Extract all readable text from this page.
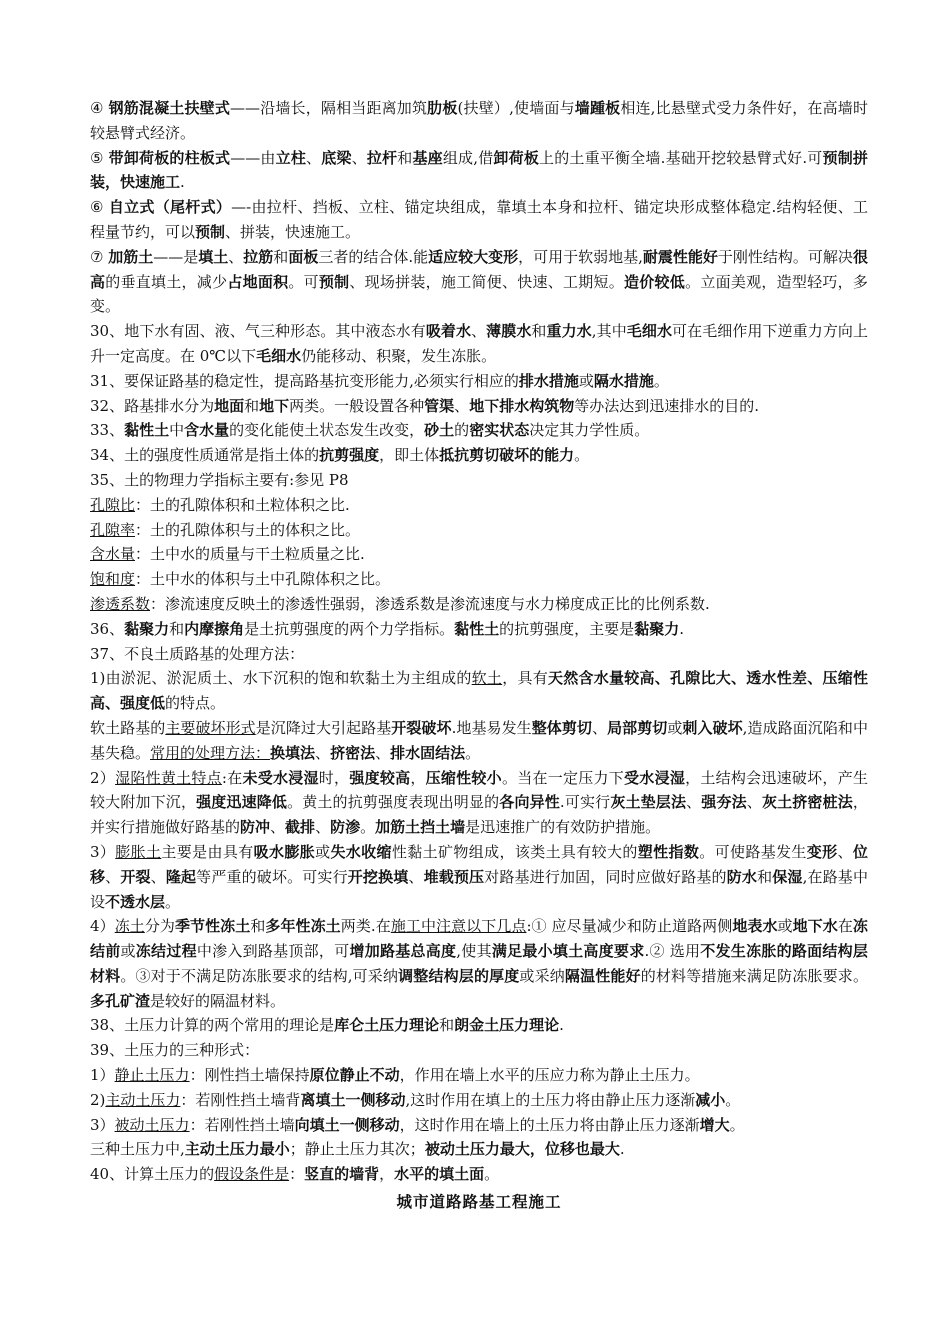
④ 钢筋混凝土扶壁式——沿墙长，隔相当距离加筑肋板(扶壁）,使墙面与墙踵板相连,比悬壁式受力条件好，在高墙时较悬臂式经济。

⑤ 带卸荷板的柱板式——由立柱、底梁、拉杆和基座组成,借卸荷板上的土重平衡全墙.基础开挖较悬臂式好.可预制拼装，快速施工.

⑥ 自立式（尾杆式）—-由拉杆、挡板、立柱、锚定块组成，靠填土本身和拉杆、锚定块形成整体稳定.结构轻便、工程量节约，可以预制、拼装，快速施工。

⑦ 加筋土——是填土、拉筋和面板三者的结合体.能适应较大变形，可用于软弱地基,耐震性能好于刚性结构。可解决很高的垂直填土，减少占地面积。可预制、现场拼装，施工简便、快速、工期短。造价较低。立面美观，造型轻巧，多变。

30、地下水有固、液、气三种形态。其中液态水有吸着水、薄膜水和重力水,其中毛细水可在毛细作用下逆重力方向上升一定高度。在 0℃以下毛细水仍能移动、积聚，发生冻胀。

31、要保证路基的稳定性，提高路基抗变形能力,必须实行相应的排水措施或隔水措施。

32、路基排水分为地面和地下两类。一般设置各种管渠、地下排水构筑物等办法达到迅速排水的目的.

33、黏性土中含水量的变化能使土状态发生改变，砂土的密实状态决定其力学性质。

34、土的强度性质通常是指土体的抗剪强度，即土体抵抗剪切破坏的能力。

35、土的物理力学指标主要有:参见 P8

孔隙比：土的孔隙体积和土粒体积之比.

孔隙率：土的孔隙体积与土的体积之比。

含水量：土中水的质量与干土粒质量之比.

饱和度：土中水的体积与土中孔隙体积之比。

渗透系数：渗流速度反映土的渗透性强弱，渗透系数是渗流速度与水力梯度成正比的比例系数.

36、黏聚力和内摩擦角是土抗剪强度的两个力学指标。黏性土的抗剪强度，主要是黏聚力.

37、不良土质路基的处理方法：

1)由淤泥、淤泥质土、水下沉积的饱和软黏土为主组成的软土，具有天然含水量较高、孔隙比大、透水性差、压缩性高、强度低的特点。

软土路基的主要破坏形式是沉降过大引起路基开裂破坏.地基易发生整体剪切、局部剪切或刺入破坏,造成路面沉陷和中基失稳。常用的处理方法：换填法、挤密法、排水固结法。

2）湿陷性黄土特点:在未受水浸湿时，强度较高，压缩性较小。当在一定压力下受水浸湿，土结构会迅速破坏，产生较大附加下沉，强度迅速降低。黄土的抗剪强度表现出明显的各向异性.可实行灰土垫层法、强夯法、灰土挤密桩法，并实行措施做好路基的防冲、截排、防渗。加筋土挡土墙是迅速推广的有效防护措施。

3）膨胀土主要是由具有吸水膨胀或失水收缩性黏土矿物组成，该类土具有较大的塑性指数。可使路基发生变形、位移、开裂、隆起等严重的破坏。可实行开挖换填、堆载预压对路基进行加固，同时应做好路基的防水和保湿,在路基中设不透水层。

4）冻土分为季节性冻土和多年性冻土两类.在施工中注意以下几点:① 应尽量减少和防止道路两侧地表水或地下水在冻结前或冻结过程中渗入到路基顶部，可增加路基总高度,使其满足最小填土高度要求.② 选用不发生冻胀的路面结构层材料。③对于不满足防冻胀要求的结构,可采纳调整结构层的厚度或采纳隔温性能好的材料等措施来满足防冻胀要求。多孔矿渣是较好的隔温材料。

38、土压力计算的两个常用的理论是库仑土压力理论和朗金土压力理论.

39、土压力的三种形式：

1）静止土压力：刚性挡土墙保持原位静止不动，作用在墙上水平的压应力称为静止土压力。

2)主动土压力：若刚性挡土墙背离填土一侧移动,这时作用在填上的土压力将由静止压力逐渐减小。

3）被动土压力：若刚性挡土墙向填土一侧移动，这时作用在墙上的土压力将由静止压力逐渐增大。

三种土压力中,主动土压力最小；静止土压力其次；被动土压力最大，位移也最大.

40、计算土压力的假设条件是：竖直的墙背，水平的填土面。

城市道路路基工程施工
